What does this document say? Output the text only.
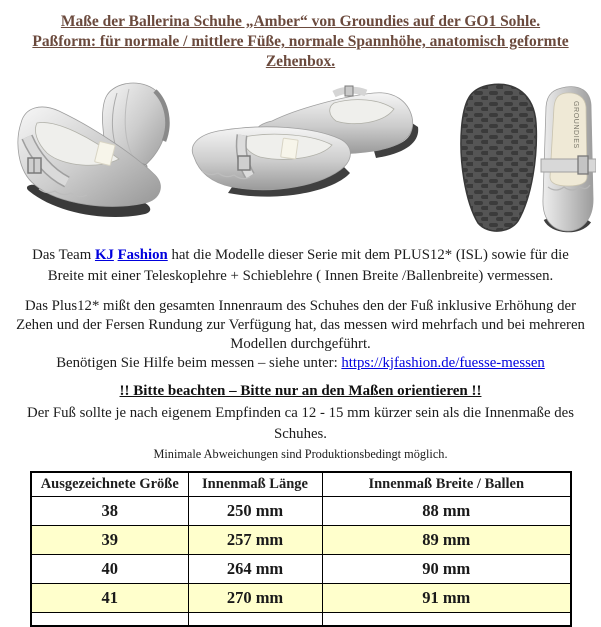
Maße der Ballerina Schuhe „Amber“ von Groundies auf der GO1 Sohle.
Paßform: für normale / mittlere Füße, normale Spannhöhe, anatomisch geformte Zehenbox.
GROUNDIES
Das Team KJ Fashion hat die Modelle dieser Serie mit dem PLUS12* (ISL) sowie für die Breite mit einer Teleskoplehre + Schieblehre ( Innen Breite /Ballenbreite) vermessen.
Das Plus12* mißt den gesamten Innenraum des Schuhes den der Fuß inklusive Erhöhung der Zehen und der Fersen Rundung zur Verfügung hat, das messen wird mehrfach und bei mehreren Modellen durchgeführt.
Benötigen Sie Hilfe beim messen – siehe unter: https://kjfashion.de/fuesse-messen
!! Bitte beachten – Bitte nur an den Maßen orientieren !!
Der Fuß sollte je nach eigenem Empfinden ca 12 - 15 mm kürzer sein als die Innenmaße des Schuhes.
Minimale Abweichungen sind Produktionsbedingt möglich.
Ausgezeichnete Größe	Innenmaß Länge	Innenmaß Breite / Ballen
38	250 mm	88 mm
39	257 mm	89 mm
40	264 mm	90 mm
41	270 mm	91 mm
